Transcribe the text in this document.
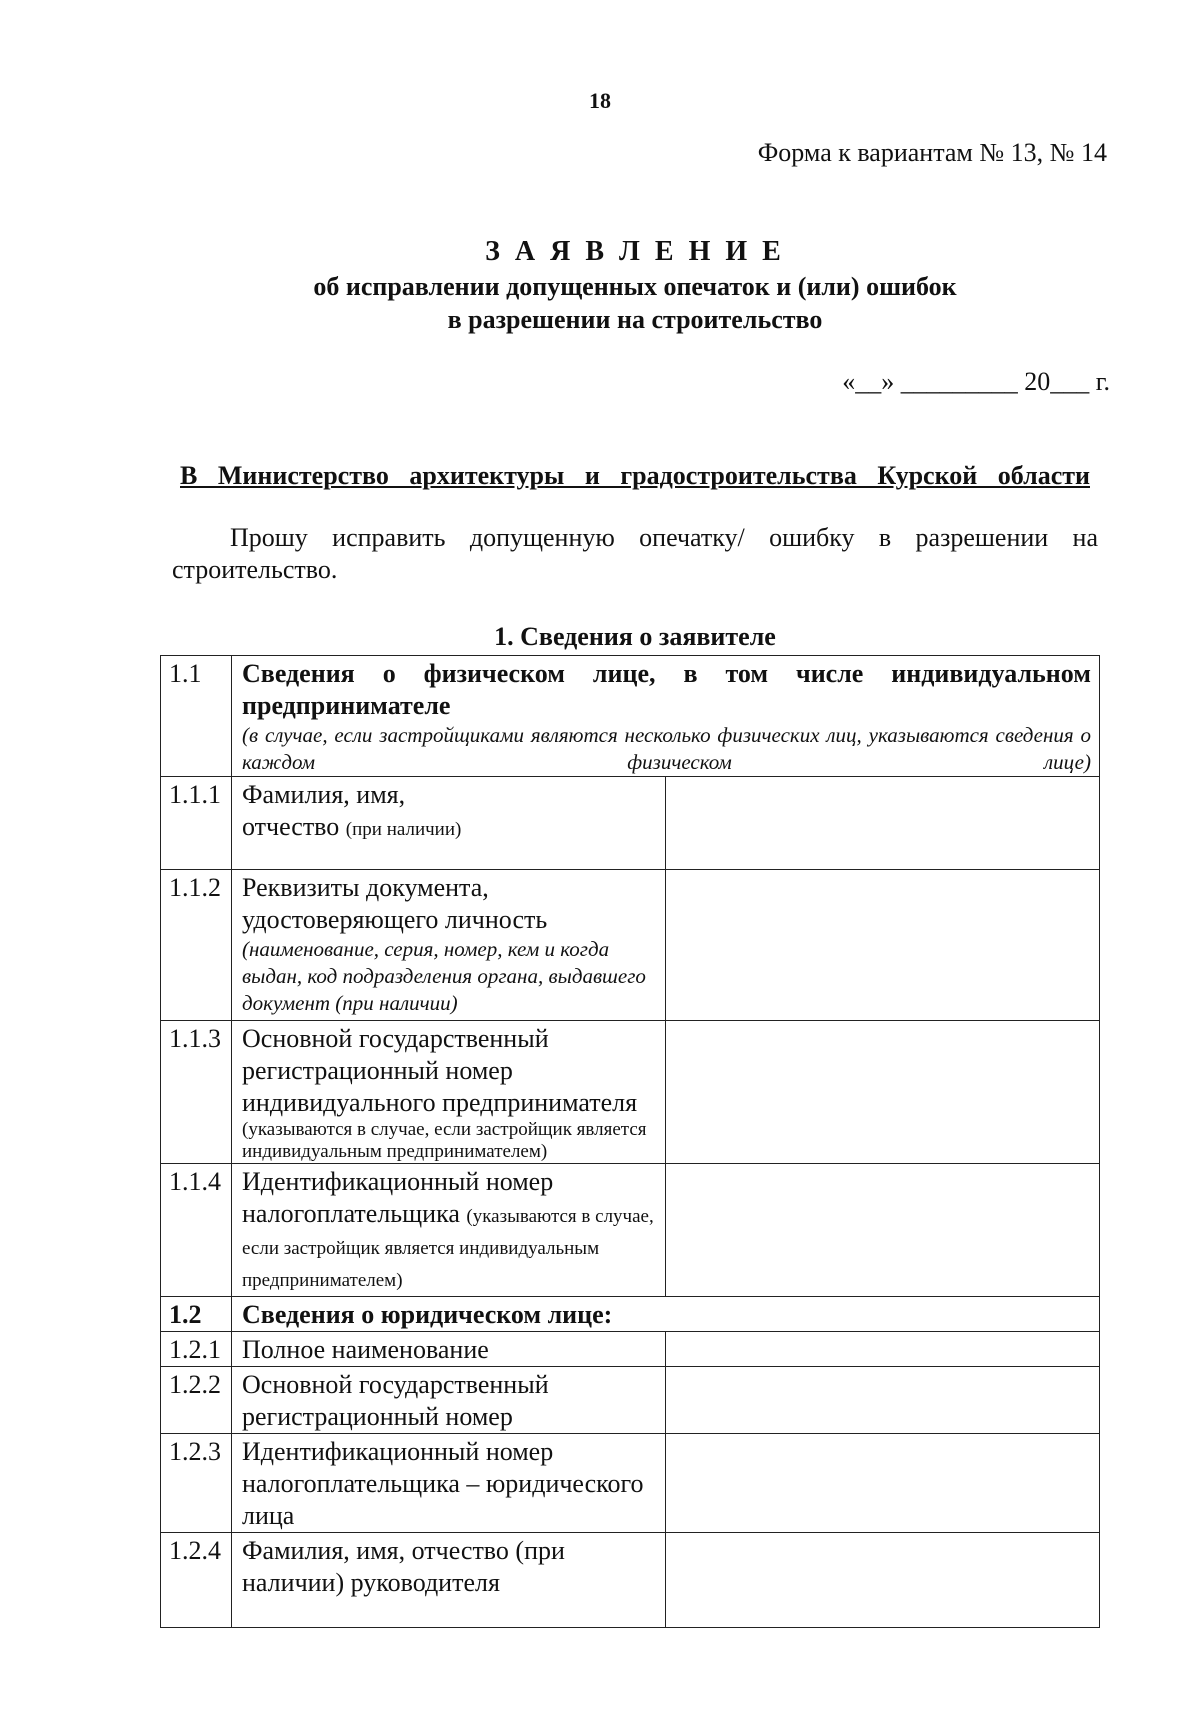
18
Форма к вариантам № 13, № 14
З А Я В Л Е Н И Е
об исправлении допущенных опечаток и (или) ошибок
в разрешении на строительство
«__» _________ 20___ г.
В Министерство архитектуры и градостроительства Курской области
Прошу исправить допущенную опечатку/ ошибку в разрешении на строительство.
1. Сведения о заявителе
1.1	Сведения о физическом лице, в том числе индивидуальном предпринимателе
(в случае, если застройщиками являются несколько физических лиц, указываются сведения о каждом физическом лице)	

1.1.1	Фамилия, имя,
отчество (при наличии)	

1.1.2	Реквизиты документа,
удостоверяющего личность
(наименование, серия, номер, кем и когда выдан, код подразделения органа, выдавшего документ (при наличии)	

1.1.3	Основной государственный
регистрационный номер
индивидуального предпринимателя
(указываются в случае, если застройщик является индивидуальным предпринимателем)	

1.1.4	Идентификационный номер
налогоплательщика (указываются в случае, если застройщик является индивидуальным предпринимателем)	
1.2	Сведения о юридическом лице:	
1.2.1	Полное наименование	
1.2.2	Основной государственный
регистрационный номер	

1.2.3	Идентификационный номер
налогоплательщика – юридического
лица	

1.2.4	Фамилия, имя, отчество (при
наличии) руководителя	
